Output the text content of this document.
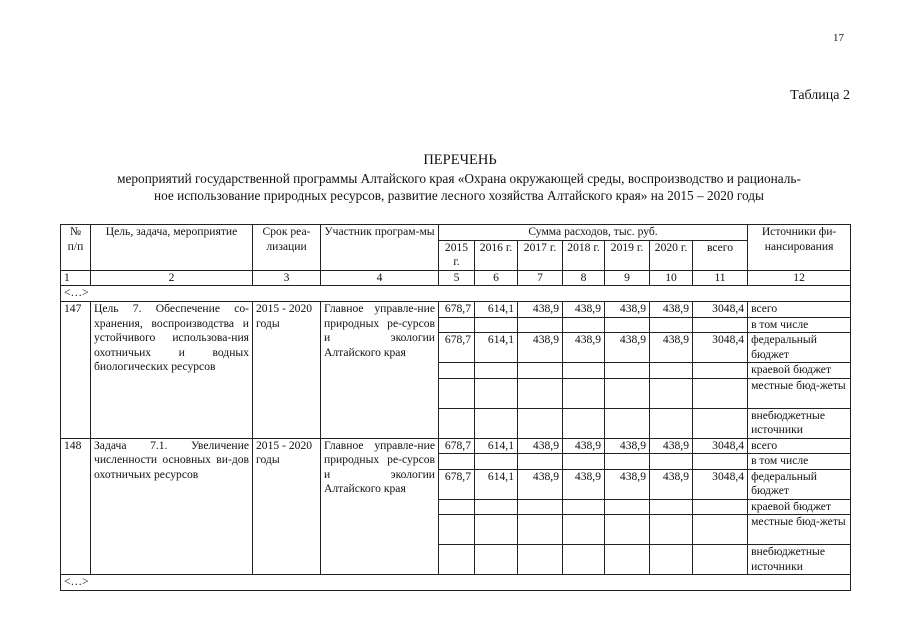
17
Таблица 2
ПЕРЕЧЕНЬ
мероприятий государственной программы Алтайского края «Охрана окружающей среды, воспроизводство и рациональ-
ное использование природных ресурсов, развитие лесного хозяйства Алтайского края» на 2015 – 2020 годы
№ п/п	Цель, задача, мероприятие	Срок реа-лизации	Участник програм-мы	Сумма расходов, тыс. руб.							Источники фи-нансирования
				2015 г.	2016 г.	2017 г.	2018 г.	2019 г.	2020 г.	всего	
1	2	3	4	5	6	7	8	9	10	11	12
<…>											
147	Цель 7. Обеспечение со-хранения, воспроизводства и устойчивого использова-ния охотничьих и водных биологических ресурсов	2015 - 2020 годы	Главное управле-ние природных ре-сурсов и экологии Алтайского края	678,7	614,1	438,9	438,9	438,9	438,9	3048,4	всего
											в том числе
				678,7	614,1	438,9	438,9	438,9	438,9	3048,4	федеральный бюджет
											краевой бюджет
											местные бюд-жеты
											внебюджетные источники
148	Задача 7.1. Увеличение численности основных ви-дов охотничьих ресурсов	2015 - 2020 годы	Главное управле-ние природных ре-сурсов и экологии Алтайского края	678,7	614,1	438,9	438,9	438,9	438,9	3048,4	всего
											в том числе
				678,7	614,1	438,9	438,9	438,9	438,9	3048,4	федеральный бюджет
											краевой бюджет
											местные бюд-жеты
											внебюджетные источники
<…>											
